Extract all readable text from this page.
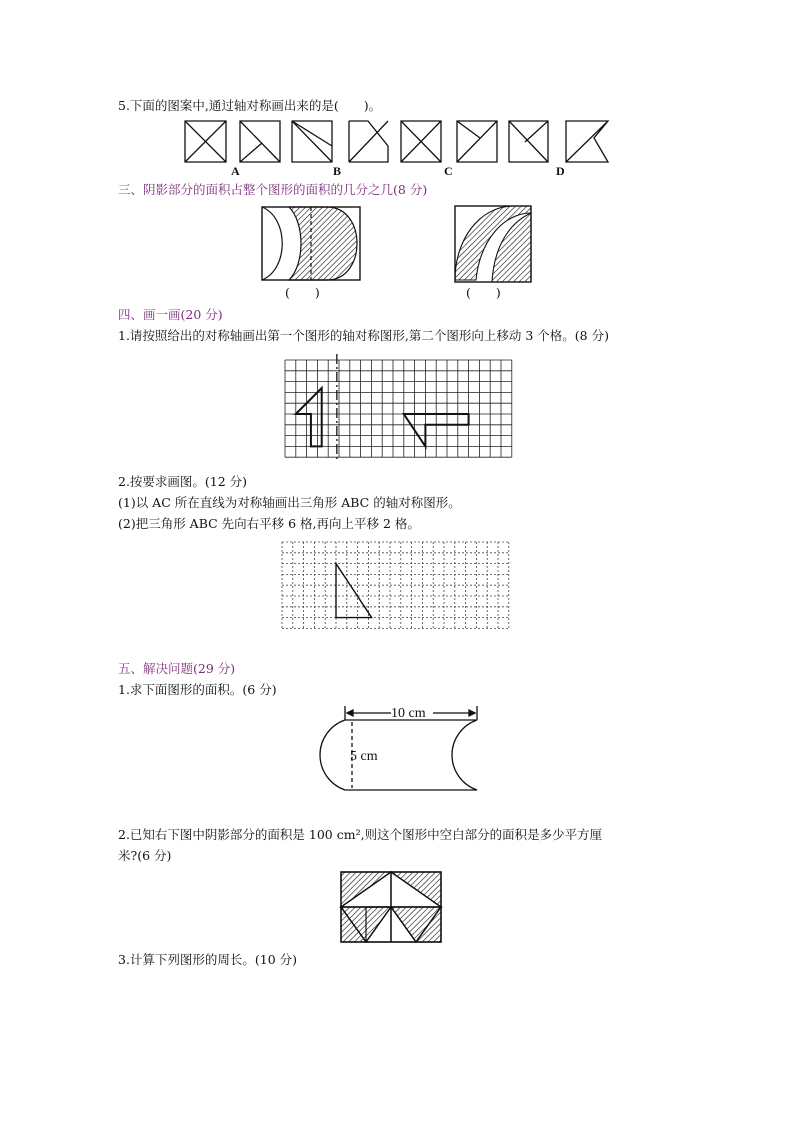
5.下面的图案中,通过轴对称画出来的是(　　)。
A	B	C	D
三、阴影部分的面积占整个图形的面积的几分之几(8 分)
(　　)	(　　)
四、画一画(20 分)
1.请按照给出的对称轴画出第一个图形的轴对称图形,第二个图形向上移动 3 个格。(8 分)
2.按要求画图。(12 分)
(1)以 AC 所在直线为对称轴画出三角形 ABC 的轴对称图形。
(2)把三角形 ABC 先向右平移 6 格,再向上平移 2 格。
五、解决问题(29 分)
1.求下面图形的面积。(6 分)
10 cm
5 cm
2.已知右下图中阴影部分的面积是 100 cm²,则这个图形中空白部分的面积是多少平方厘
米?(6 分)
3.计算下列图形的周长。(10 分)
